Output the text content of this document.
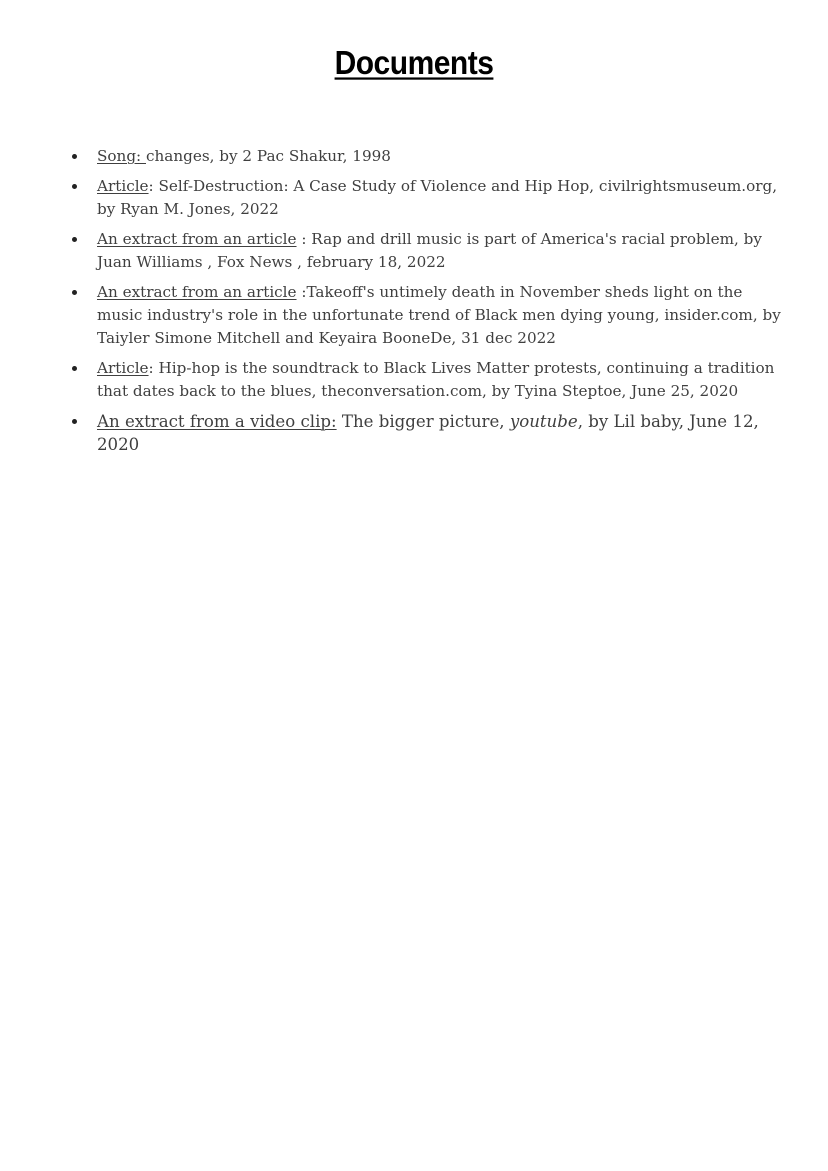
Documents
Song: changes, by 2 Pac Shakur, 1998
Article: Self-Destruction: A Case Study of Violence and Hip Hop, civilrightsmuseum.org, by Ryan M. Jones, 2022
An extract from an article : Rap and drill music is part of America's racial problem, by Juan Williams , Fox News , february 18, 2022
An extract from an article :Takeoff's untimely death in November sheds light on the music industry's role in the unfortunate trend of Black men dying young, insider.com, by Taiyler Simone Mitchell and Keyaira BooneDe, 31 dec 2022
Article: Hip-hop is the soundtrack to Black Lives Matter protests, continuing a tradition that dates back to the blues, theconversation.com, by Tyina Steptoe, June 25, 2020
An extract from a video clip: The bigger picture, youtube, by Lil baby, June 12, 2020
